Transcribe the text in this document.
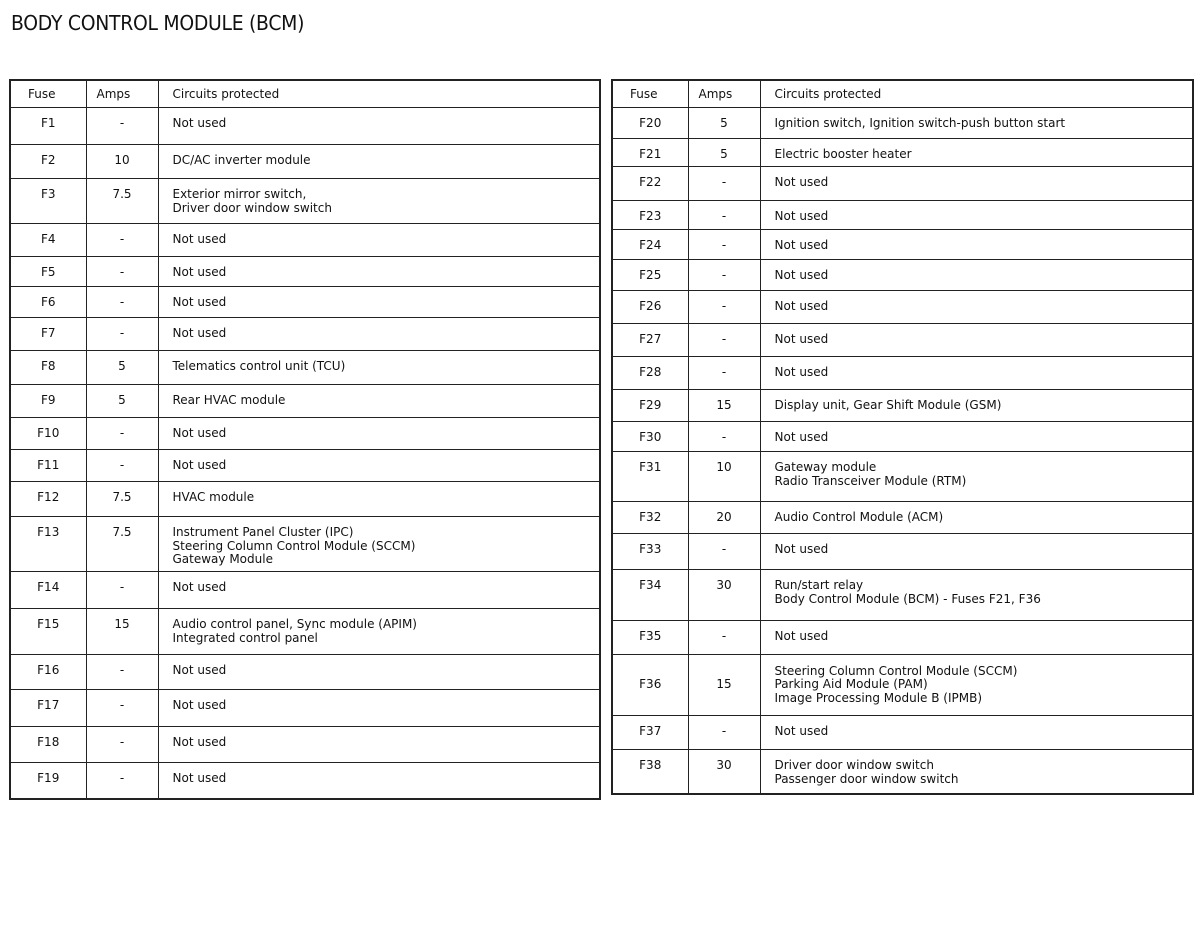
BODY CONTROL MODULE (BCM)
Fuse	Amps	Circuits protected
F1	-	Not used
F2	10	DC/AC inverter module
F3	7.5	Exterior mirror switch,
Driver door window switch
F4	-	Not used
F5	-	Not used
F6	-	Not used
F7	-	Not used
F8	5	Telematics control unit (TCU)
F9	5	Rear HVAC module
F10	-	Not used
F11	-	Not used
F12	7.5	HVAC module
F13	7.5	Instrument Panel Cluster (IPC)
Steering Column Control Module (SCCM)
Gateway Module
F14	-	Not used
F15	15	Audio control panel, Sync module (APIM)
Integrated control panel
F16	-	Not used
F17	-	Not used
F18	-	Not used
F19	-	Not used
Fuse	Amps	Circuits protected
F20	5	Ignition switch, Ignition switch-push button start
F21	5	Electric booster heater
F22	-	Not used
F23	-	Not used
F24	-	Not used
F25	-	Not used
F26	-	Not used
F27	-	Not used
F28	-	Not used
F29	15	Display unit, Gear Shift Module (GSM)
F30	-	Not used
F31	10	Gateway module
Radio Transceiver Module (RTM)
F32	20	Audio Control Module (ACM)
F33	-	Not used
F34	30	Run/start relay
Body Control Module (BCM) - Fuses F21, F36
F35	-	Not used
F36	15	Steering Column Control Module (SCCM)
Parking Aid Module (PAM)
Image Processing Module B (IPMB)
F37	-	Not used
F38	30	Driver door window switch
Passenger door window switch
